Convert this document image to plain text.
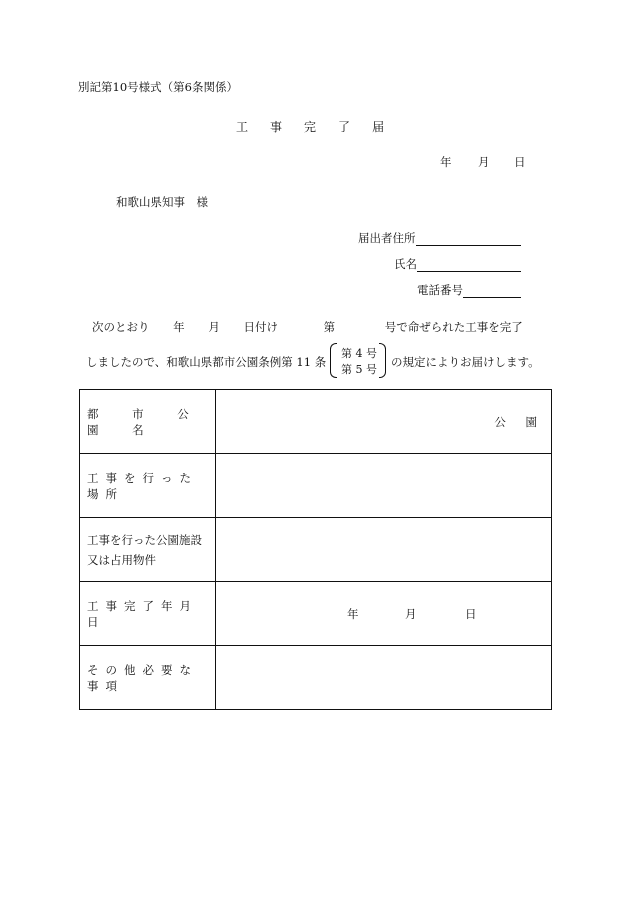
別記第10号様式（第6条関係）
工 事 完 了 届
年 月 日
和歌山県知事　様
届出者住所
氏名
電話番号
次のとおり 年 月 日付け	第	号で命ぜられた工事を完了
しましたので、和歌山県都市公園条例第 11 条
第 4 号
第 5 号
の規定によりお届けします。
都 市 公 園 名	公 園

工事を行った場所	

工事を行った公園施設
又は占用物件	

工事完了年月日	年 月 日

その他必要な事項	
